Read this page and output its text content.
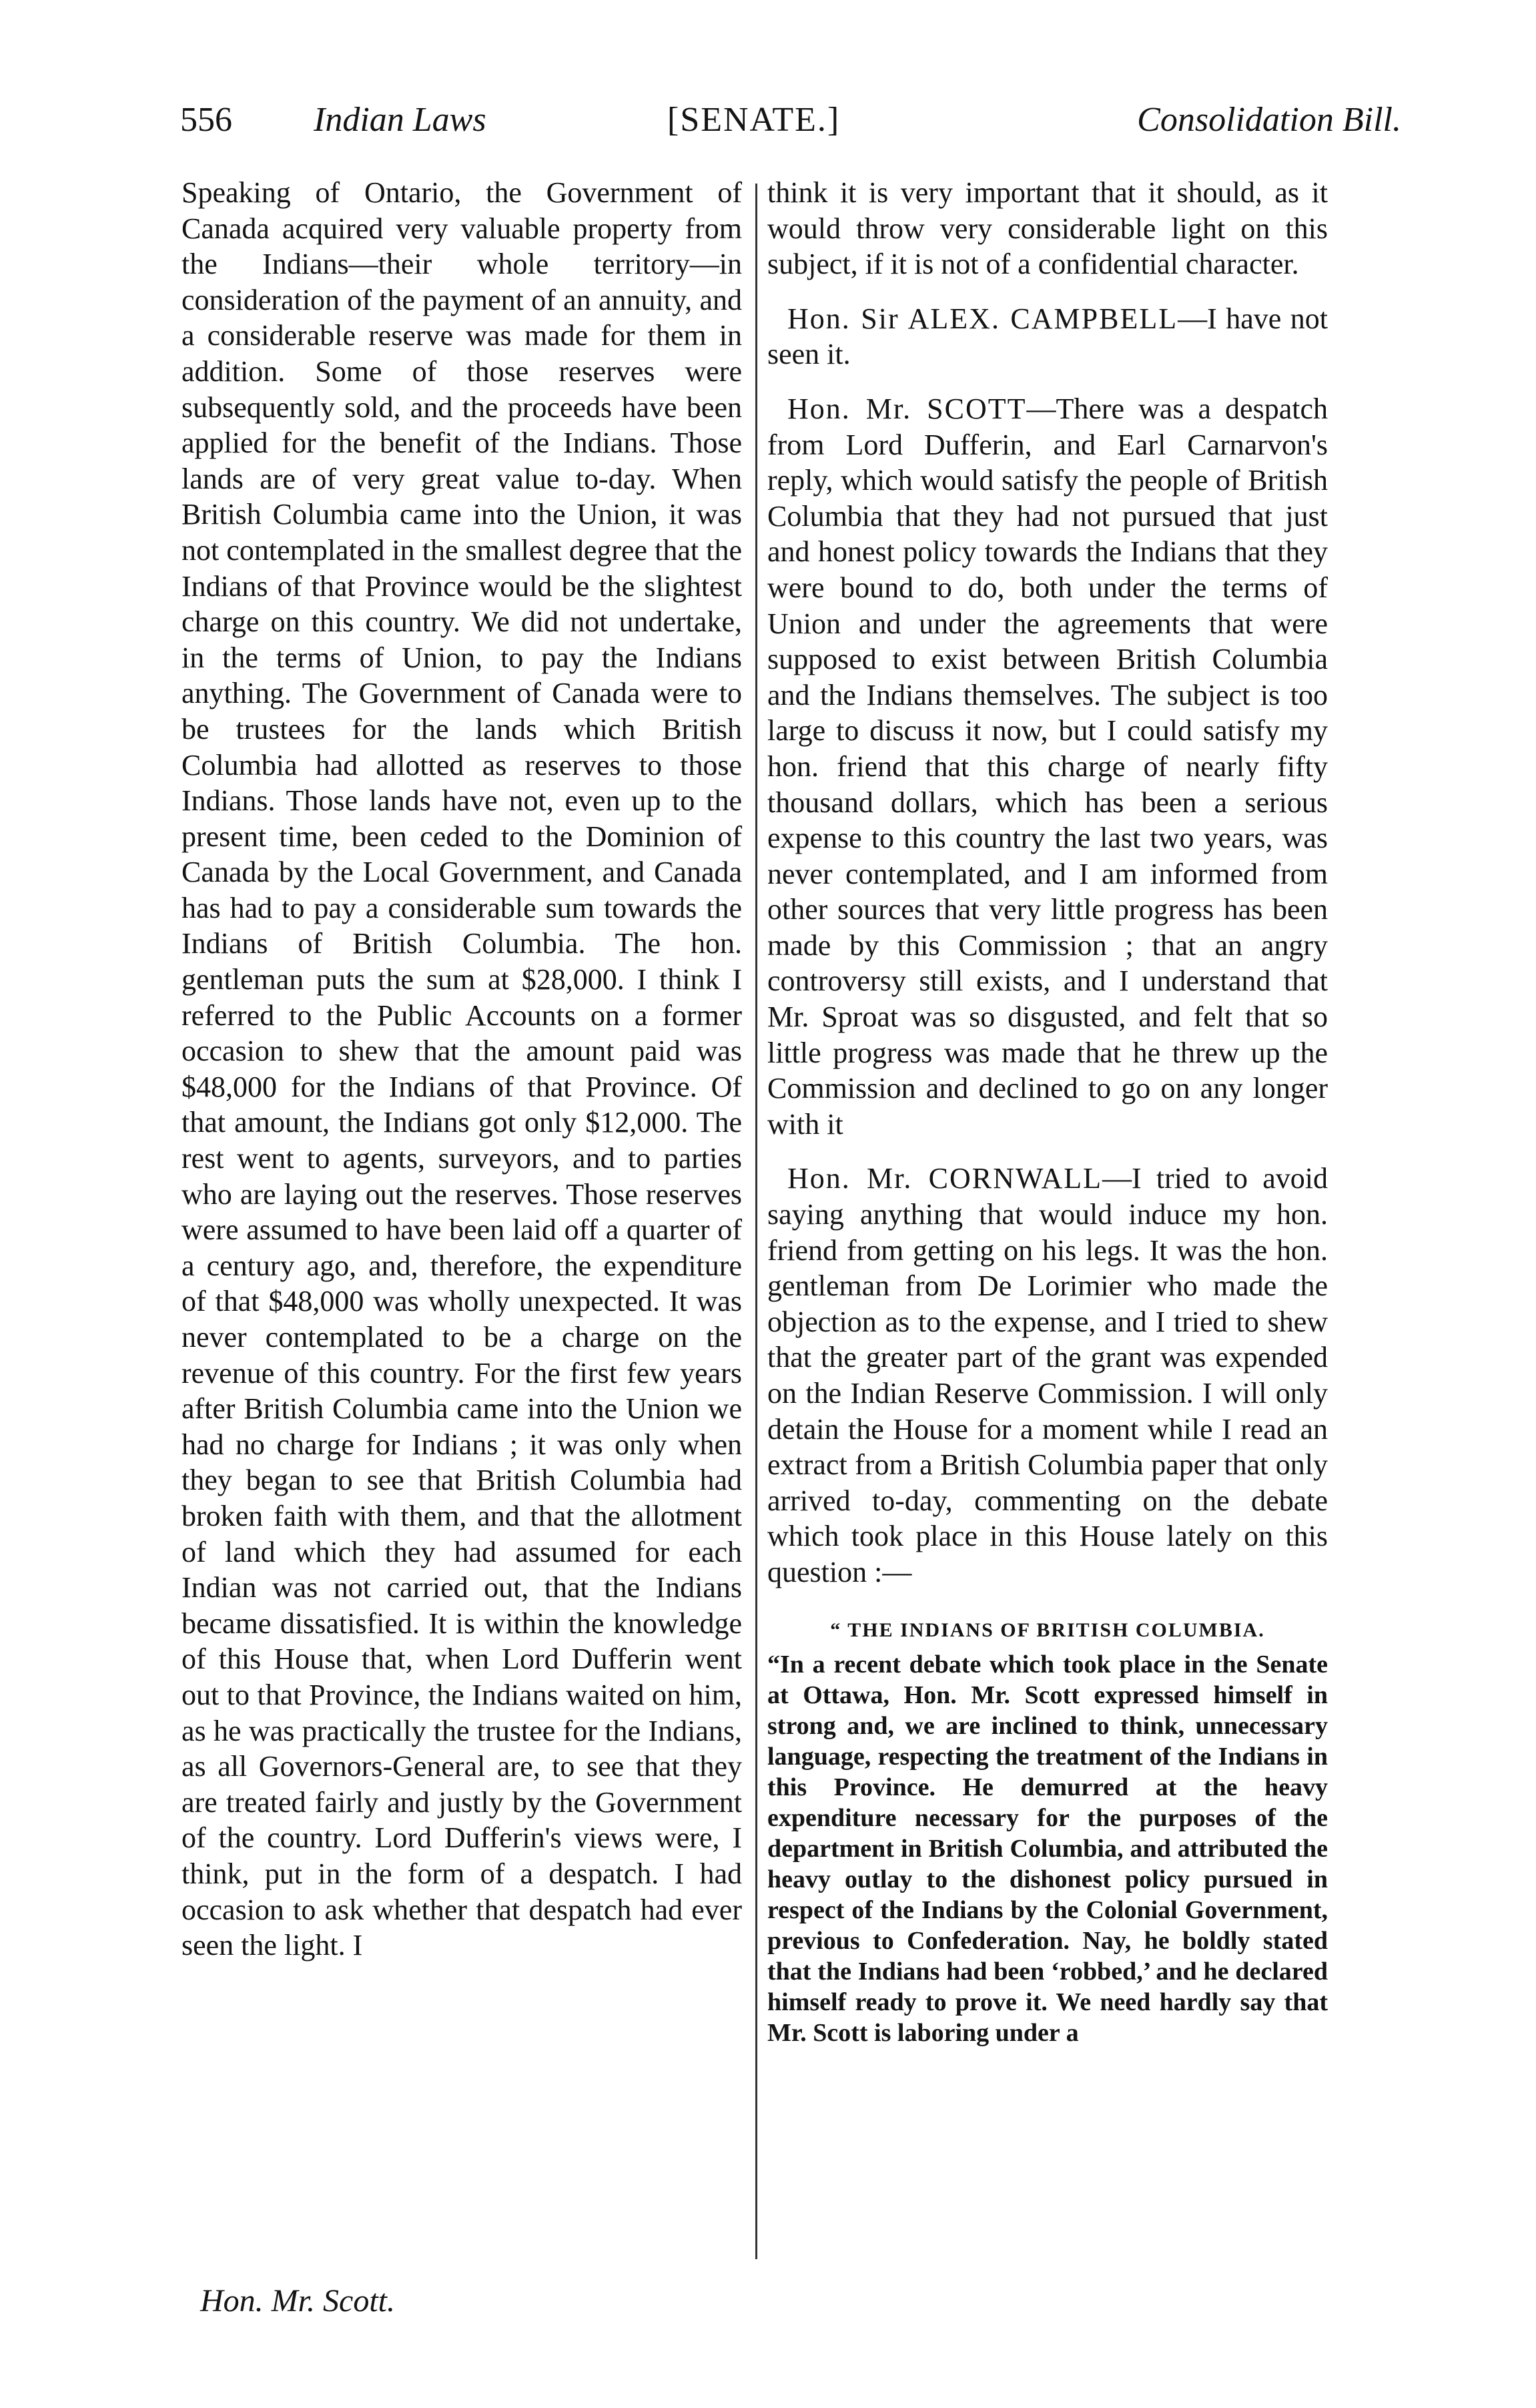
556 Indian Laws	[SENATE.]	Consolidation Bill.

Speaking of Ontario, the Government of Canada acquired very valuable property from the Indians—their whole territory—in consideration of the payment of an annuity, and a considerable reserve was made for them in addition. Some of those reserves were subsequently sold, and the proceeds have been applied for the benefit of the Indians. Those lands are of very great value to-day. When British Columbia came into the Union, it was not contemplated in the smallest degree that the Indians of that Province would be the slightest charge on this country. We did not undertake, in the terms of Union, to pay the Indians anything. The Government of Canada were to be trustees for the lands which British Columbia had allotted as reserves to those Indians. Those lands have not, even up to the present time, been ceded to the Dominion of Canada by the Local Government, and Canada has had to pay a considerable sum towards the Indians of British Columbia. The hon. gentleman puts the sum at $28,000. I think I referred to the Public Accounts on a former occasion to shew that the amount paid was $48,000 for the Indians of that Province. Of that amount, the Indians got only $12,000. The rest went to agents, surveyors, and to parties who are laying out the reserves. Those reserves were assumed to have been laid off a quarter of a century ago, and, therefore, the expenditure of that $48,000 was wholly unexpected. It was never contemplated to be a charge on the revenue of this country. For the first few years after British Columbia came into the Union we had no charge for Indians ; it was only when they began to see that British Columbia had broken faith with them, and that the allotment of land which they had assumed for each Indian was not carried out, that the Indians became dissatisfied. It is within the knowledge of this House that, when Lord Dufferin went out to that Province, the Indians waited on him, as he was practically the trustee for the Indians, as all Governors-General are, to see that they are treated fairly and justly by the Government of the country. Lord Dufferin's views were, I think, put in the form of a despatch. I had occasion to ask whether that despatch had ever seen the light. I

think it is very important that it should, as it would throw very considerable light on this subject, if it is not of a confidential character.

Hon. Sir ALEX. CAMPBELL—I have not seen it.

Hon. Mr. SCOTT—There was a despatch from Lord Dufferin, and Earl Carnarvon's reply, which would satisfy the people of British Columbia that they had not pursued that just and honest policy towards the Indians that they were bound to do, both under the terms of Union and under the agreements that were supposed to exist between British Columbia and the Indians themselves. The subject is too large to discuss it now, but I could satisfy my hon. friend that this charge of nearly fifty thousand dollars, which has been a serious expense to this country the last two years, was never contemplated, and I am informed from other sources that very little progress has been made by this Commission ; that an angry controversy still exists, and I understand that Mr. Sproat was so disgusted, and felt that so little progress was made that he threw up the Commission and declined to go on any longer with it

Hon. Mr. CORNWALL—I tried to avoid saying anything that would induce my hon. friend from getting on his legs. It was the hon. gentleman from De Lorimier who made the objection as to the expense, and I tried to shew that the greater part of the grant was expended on the Indian Reserve Commission. I will only detain the House for a moment while I read an extract from a British Columbia paper that only arrived to-day, commenting on the debate which took place in this House lately on this question :—

“ THE INDIANS OF BRITISH COLUMBIA.

“In a recent debate which took place in the Senate at Ottawa, Hon. Mr. Scott expressed himself in strong and, we are inclined to think, unnecessary language, respecting the treatment of the Indians in this Province. He demurred at the heavy expenditure necessary for the purposes of the department in British Columbia, and attributed the heavy outlay to the dishonest policy pursued in respect of the Indians by the Colonial Government, previous to Confederation. Nay, he boldly stated that the Indians had been ‘robbed,’ and he declared himself ready to prove it. We need hardly say that Mr. Scott is laboring under a

Hon. Mr. Scott.
